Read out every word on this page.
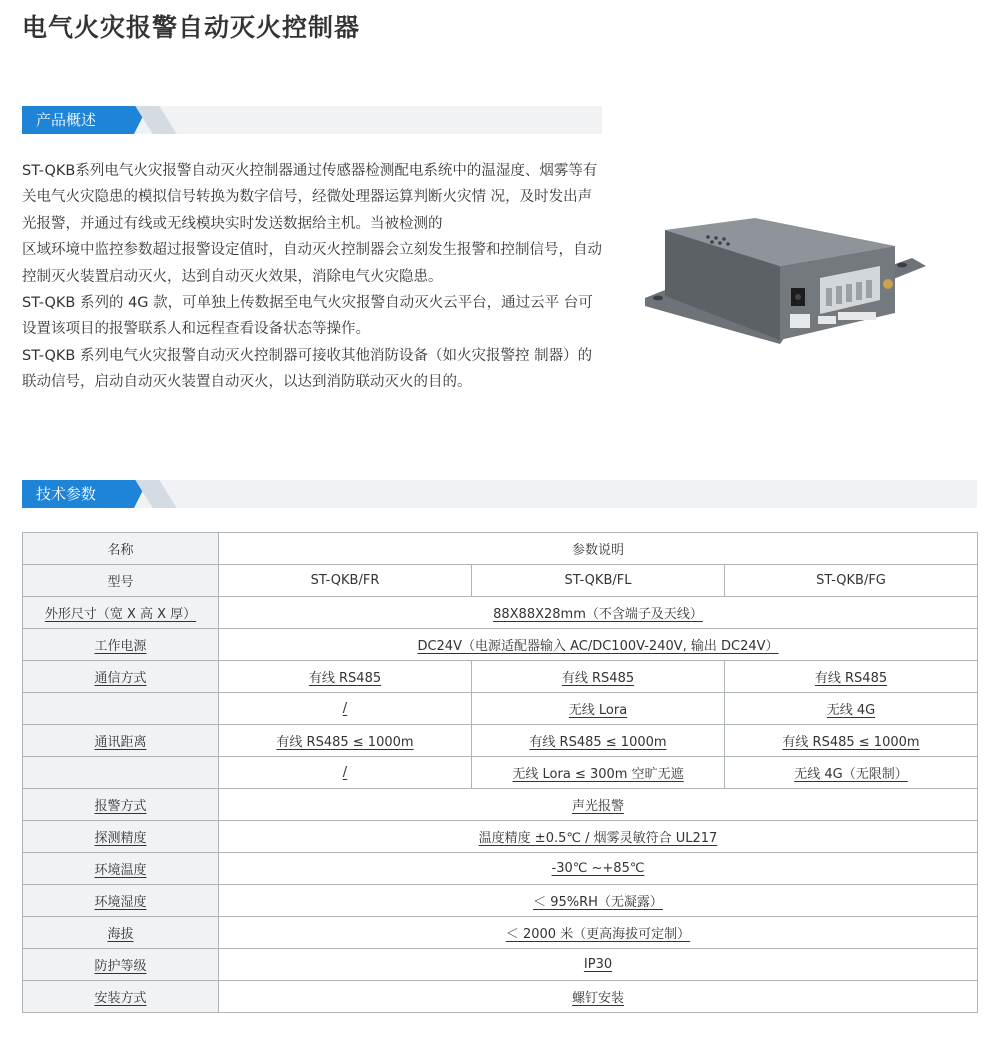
电气火灾报警自动灭火控制器
产品概述

ST-QKB系列电气火灾报警自动灭火控制器通过传感器检测配电系统中的温湿度、烟雾等有关电气火灾隐患的模拟信号转换为数字信号，经微处理器运算判断火灾情 况，及时发出声光报警，并通过有线或无线模块实时发送数据给主机。当被检测的

区域环境中监控参数超过报警设定值时，自动灭火控制器会立刻发生报警和控制信号，自动控制灭火装置启动灭火，达到自动灭火效果，消除电气火灾隐患。

ST-QKB 系列的 4G 款，可单独上传数据至电气火灾报警自动灭火云平台，通过云平 台可设置该项目的报警联系人和远程查看设备状态等操作。

ST-QKB 系列电气火灾报警自动灭火控制器可接收其他消防设备（如火灾报警控 制器）的联动信号，启动自动灭火装置自动灭火，以达到消防联动灭火的目的。

技术参数
名称	参数说明		
型号	ST-QKB/FR	ST-QKB/FL	ST-QKB/FG
外形尺寸（宽 X 高 X 厚）	88X88X28mm（不含端子及天线）		
工作电源	DC24V（电源适配器输入 AC/DC100V-240V, 输出 DC24V）		
通信方式	有线 RS485	有线 RS485	有线 RS485
	/	无线 Lora	无线 4G
通讯距离	有线 RS485 ≤ 1000m	有线 RS485 ≤ 1000m	有线 RS485 ≤ 1000m
	/	无线 Lora ≤ 300m 空旷无遮	无线 4G（无限制）
报警方式	声光报警		
探测精度	温度精度 ±0.5℃ / 烟雾灵敏符合 UL217		
环境温度	-30℃ ~+85℃		
环境湿度	＜ 95%RH（无凝露）		
海拔	＜ 2000 米（更高海拔可定制）		
防护等级	IP30		
安装方式	螺钉安装		
